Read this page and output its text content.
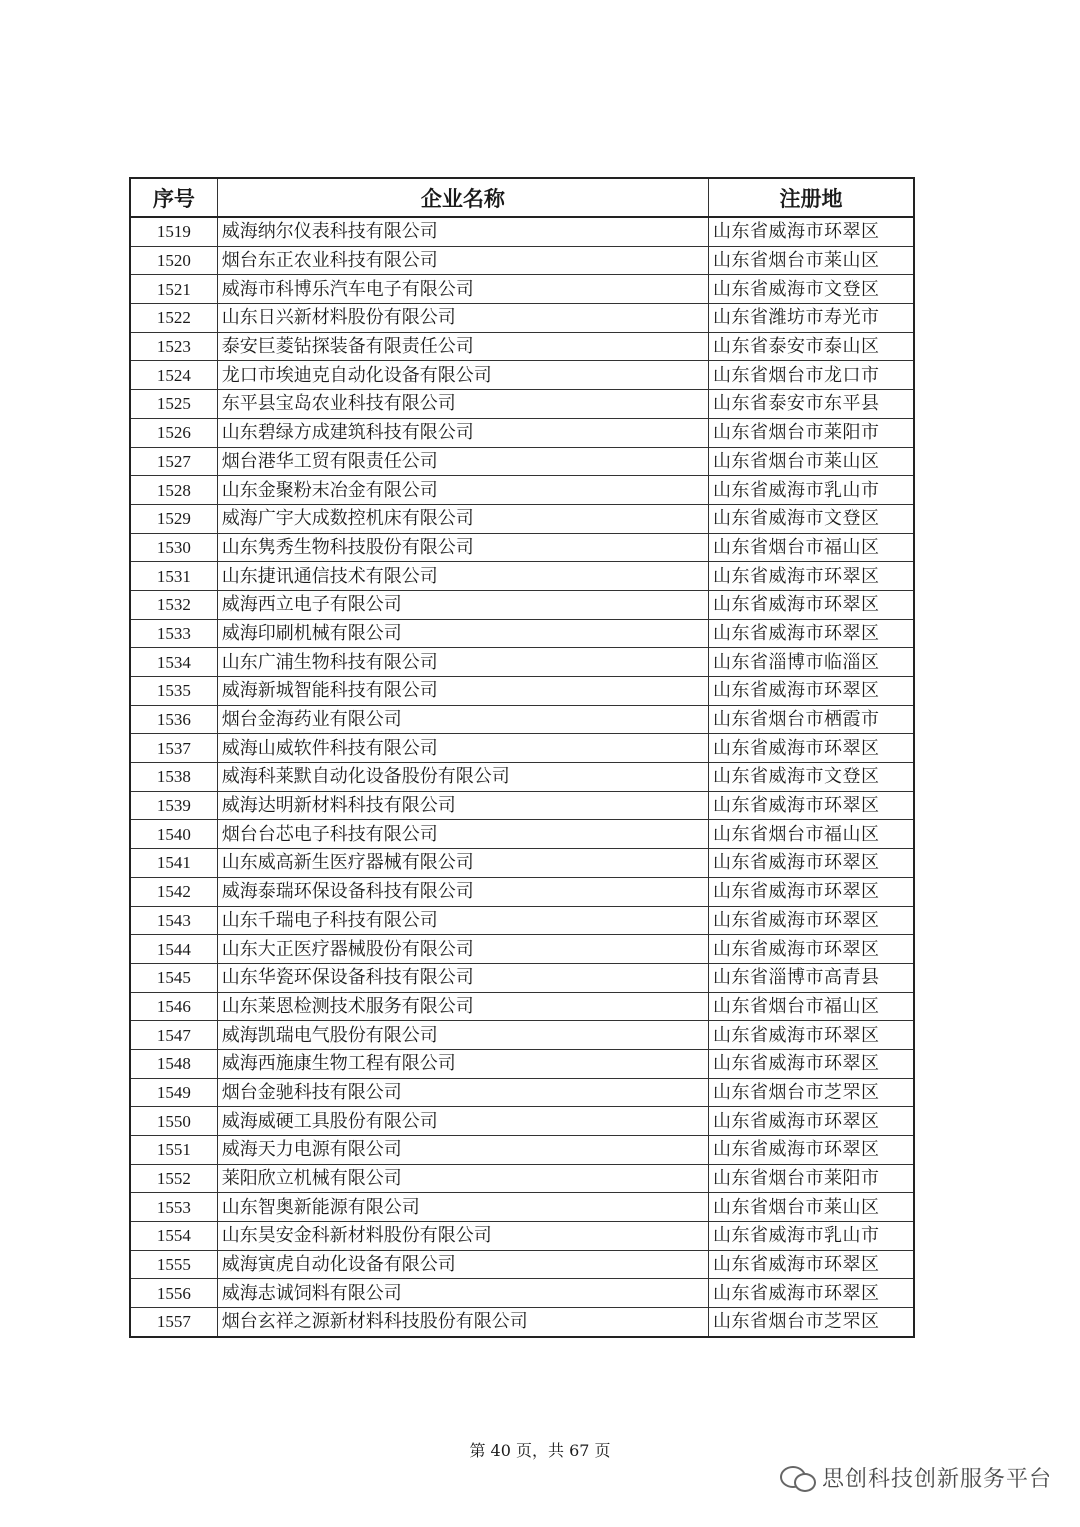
序号	企业名称	注册地
1519	威海纳尔仪表科技有限公司	山东省威海市环翠区
1520	烟台东正农业科技有限公司	山东省烟台市莱山区
1521	威海市科博乐汽车电子有限公司	山东省威海市文登区
1522	山东日兴新材料股份有限公司	山东省潍坊市寿光市
1523	泰安巨菱钻探装备有限责任公司	山东省泰安市泰山区
1524	龙口市埃迪克自动化设备有限公司	山东省烟台市龙口市
1525	东平县宝岛农业科技有限公司	山东省泰安市东平县
1526	山东碧绿方成建筑科技有限公司	山东省烟台市莱阳市
1527	烟台港华工贸有限责任公司	山东省烟台市莱山区
1528	山东金聚粉末冶金有限公司	山东省威海市乳山市
1529	威海广宇大成数控机床有限公司	山东省威海市文登区
1530	山东隽秀生物科技股份有限公司	山东省烟台市福山区
1531	山东捷讯通信技术有限公司	山东省威海市环翠区
1532	威海西立电子有限公司	山东省威海市环翠区
1533	威海印刷机械有限公司	山东省威海市环翠区
1534	山东广浦生物科技有限公司	山东省淄博市临淄区
1535	威海新城智能科技有限公司	山东省威海市环翠区
1536	烟台金海药业有限公司	山东省烟台市栖霞市
1537	威海山威软件科技有限公司	山东省威海市环翠区
1538	威海科莱默自动化设备股份有限公司	山东省威海市文登区
1539	威海达明新材料科技有限公司	山东省威海市环翠区
1540	烟台台芯电子科技有限公司	山东省烟台市福山区
1541	山东威高新生医疗器械有限公司	山东省威海市环翠区
1542	威海泰瑞环保设备科技有限公司	山东省威海市环翠区
1543	山东千瑞电子科技有限公司	山东省威海市环翠区
1544	山东大正医疗器械股份有限公司	山东省威海市环翠区
1545	山东华瓷环保设备科技有限公司	山东省淄博市高青县
1546	山东莱恩检测技术服务有限公司	山东省烟台市福山区
1547	威海凯瑞电气股份有限公司	山东省威海市环翠区
1548	威海西施康生物工程有限公司	山东省威海市环翠区
1549	烟台金驰科技有限公司	山东省烟台市芝罘区
1550	威海威硬工具股份有限公司	山东省威海市环翠区
1551	威海天力电源有限公司	山东省威海市环翠区
1552	莱阳欣立机械有限公司	山东省烟台市莱阳市
1553	山东智奥新能源有限公司	山东省烟台市莱山区
1554	山东昊安金科新材料股份有限公司	山东省威海市乳山市
1555	威海寅虎自动化设备有限公司	山东省威海市环翠区
1556	威海志诚饲料有限公司	山东省威海市环翠区
1557	烟台玄祥之源新材料科技股份有限公司	山东省烟台市芝罘区
第 40 页，共 67 页
思创科技创新服务平台
